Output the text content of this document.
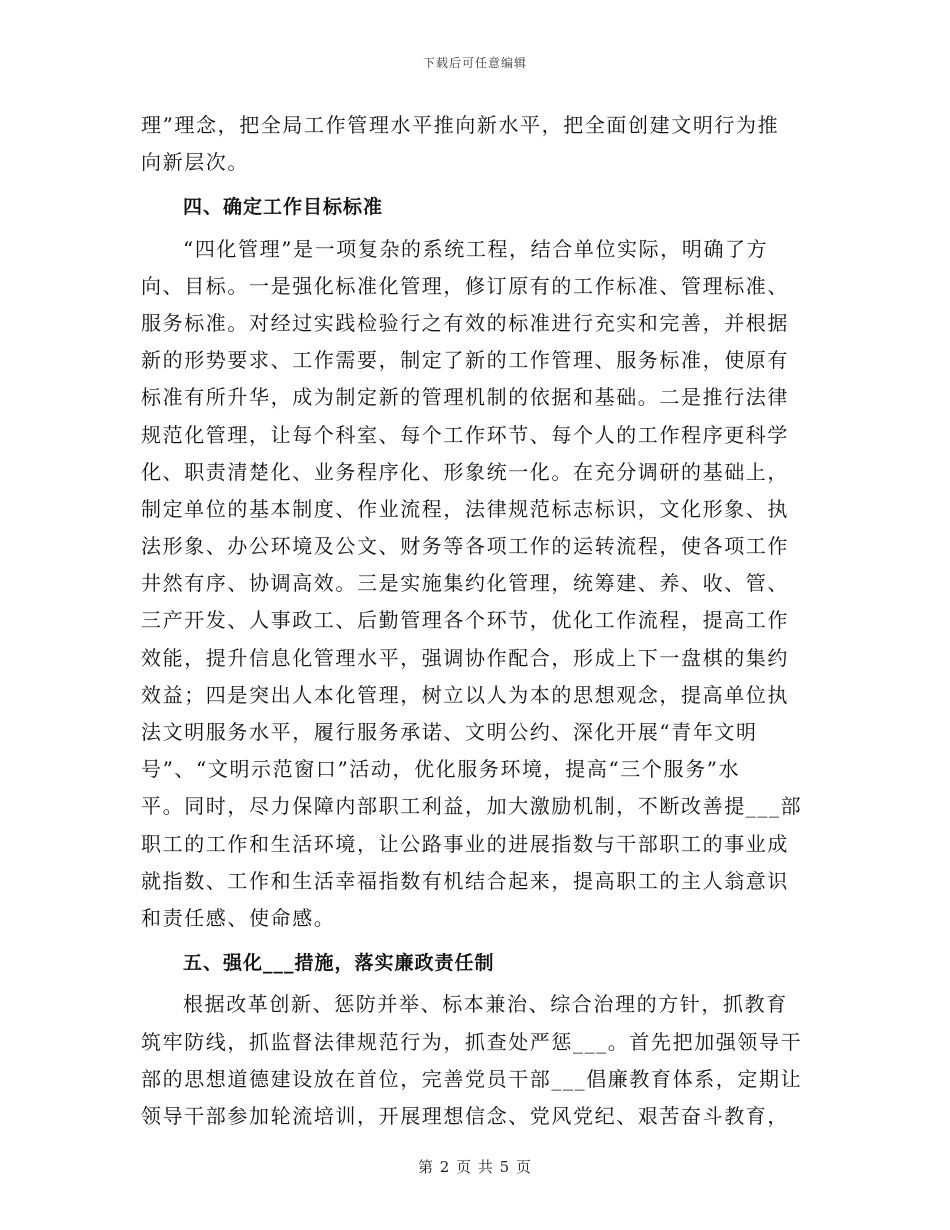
下载后可任意编辑
理”理念，把全局工作管理水平推向新水平，把全面创建文明行为推
向新层次。
四、确定工作目标标准
“四化管理”是一项复杂的系统工程，结合单位实际，明确了方
向、目标。一是强化标准化管理，修订原有的工作标准、管理标准、
服务标准。对经过实践检验行之有效的标准进行充实和完善，并根据
新的形势要求、工作需要，制定了新的工作管理、服务标准，使原有
标准有所升华，成为制定新的管理机制的依据和基础。二是推行法律
规范化管理，让每个科室、每个工作环节、每个人的工作程序更科学
化、职责清楚化、业务程序化、形象统一化。在充分调研的基础上，
制定单位的基本制度、作业流程，法律规范标志标识，文化形象、执
法形象、办公环境及公文、财务等各项工作的运转流程，使各项工作
井然有序、协调高效。三是实施集约化管理，统筹建、养、收、管、
三产开发、人事政工、后勤管理各个环节，优化工作流程，提高工作
效能，提升信息化管理水平，强调协作配合，形成上下一盘棋的集约
效益；四是突出人本化管理，树立以人为本的思想观念，提高单位执
法文明服务水平，履行服务承诺、文明公约、深化开展“青年文明
号”、“文明示范窗口”活动，优化服务环境，提高“三个服务”水
平。同时，尽力保障内部职工利益，加大激励机制，不断改善提___部
职工的工作和生活环境，让公路事业的进展指数与干部职工的事业成
就指数、工作和生活幸福指数有机结合起来，提高职工的主人翁意识
和责任感、使命感。
五、强化___措施，落实廉政责任制
根据改革创新、惩防并举、标本兼治、综合治理的方针，抓教育
筑牢防线，抓监督法律规范行为，抓查处严惩___。首先把加强领导干
部的思想道德建设放在首位，完善党员干部___倡廉教育体系，定期让
领导干部参加轮流培训，开展理想信念、党风党纪、艰苦奋斗教育，
第 2 页 共 5 页
